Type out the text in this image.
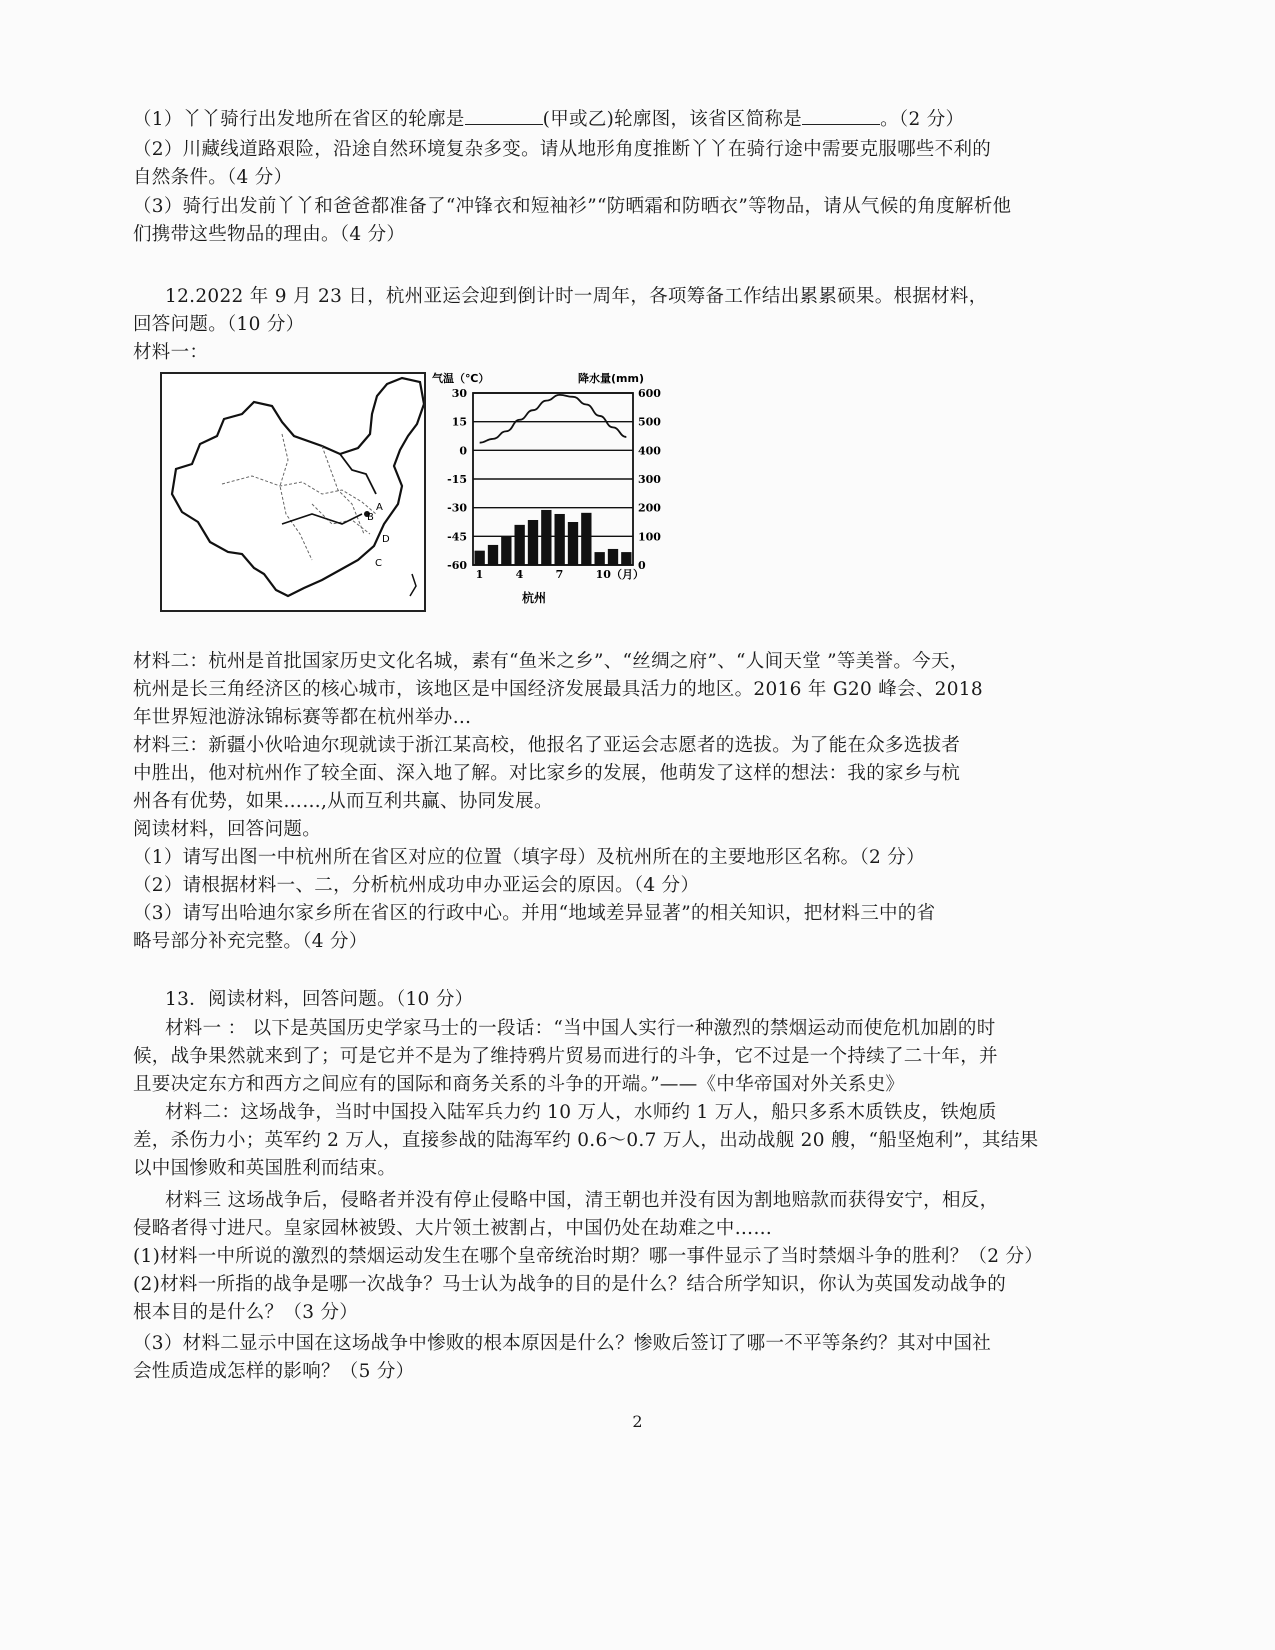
（1）丫丫骑行出发地所在省区的轮廓是	(甲或乙)轮廓图，该省区简称是	。（2 分）
（2）川藏线道路艰险，沿途自然环境复杂多变。请从地形角度推断丫丫在骑行途中需要克服哪些不利的
自然条件。（4 分）
（3）骑行出发前丫丫和爸爸都准备了“冲锋衣和短袖衫”“防晒霜和防晒衣”等物品，请从气候的角度解析他
们携带这些物品的理由。（4 分）
12.2022 年 9 月 23 日，杭州亚运会迎到倒计时一周年，各项筹备工作结出累累硕果。根据材料，
回答问题。（10 分）
材料一：
A
B
C
D
气温（℃）	降水量(mm)
30	600
15	500
0	400
-15	300
-30	200
-45	100
-60	0
1	4	7	10（月）
杭州
材料二：杭州是首批国家历史文化名城，素有“鱼米之乡”、“丝绸之府”、“人间天堂 ”等美誉。今天，
杭州是长三角经济区的核心城市，该地区是中国经济发展最具活力的地区。2016 年 G20 峰会、2018
年世界短池游泳锦标赛等都在杭州举办…
材料三：新疆小伙哈迪尔现就读于浙江某高校，他报名了亚运会志愿者的选拔。为了能在众多选拔者
中胜出，他对杭州作了较全面、深入地了解。对比家乡的发展，他萌发了这样的想法：我的家乡与杭
州各有优势，如果……,从而互利共赢、协同发展。
阅读材料，回答问题。
（1）请写出图一中杭州所在省区对应的位置（填字母）及杭州所在的主要地形区名称。（2 分）
（2）请根据材料一、二，分析杭州成功申办亚运会的原因。（4 分）
（3）请写出哈迪尔家乡所在省区的行政中心。并用“地域差异显著”的相关知识，把材料三中的省
略号部分补充完整。（4 分）
13．阅读材料，回答问题。（10 分）
材料一 ： 以下是英国历史学家马士的一段话：“当中国人实行一种激烈的禁烟运动而使危机加剧的时
候，战争果然就来到了；可是它并不是为了维持鸦片贸易而进行的斗争，它不过是一个持续了二十年，并
且要决定东方和西方之间应有的国际和商务关系的斗争的开端。”——《中华帝国对外关系史》
材料二：这场战争，当时中国投入陆军兵力约 10 万人，水师约 1 万人，船只多系木质铁皮，铁炮质
差，杀伤力小；英军约 2 万人，直接参战的陆海军约 0.6～0.7 万人，出动战舰 20 艘，“船坚炮利”，其结果
以中国惨败和英国胜利而结束。
材料三 这场战争后，侵略者并没有停止侵略中国，清王朝也并没有因为割地赔款而获得安宁，相反，
侵略者得寸进尺。皇家园林被毁、大片领土被割占，中国仍处在劫难之中……
(1)材料一中所说的激烈的禁烟运动发生在哪个皇帝统治时期？哪一事件显示了当时禁烟斗争的胜利？（2 分）
(2)材料一所指的战争是哪一次战争？马士认为战争的目的是什么？结合所学知识，你认为英国发动战争的
根本目的是什么？（3 分）
（3）材料二显示中国在这场战争中惨败的根本原因是什么？惨败后签订了哪一不平等条约？其对中国社
会性质造成怎样的影响？（5 分）
2
